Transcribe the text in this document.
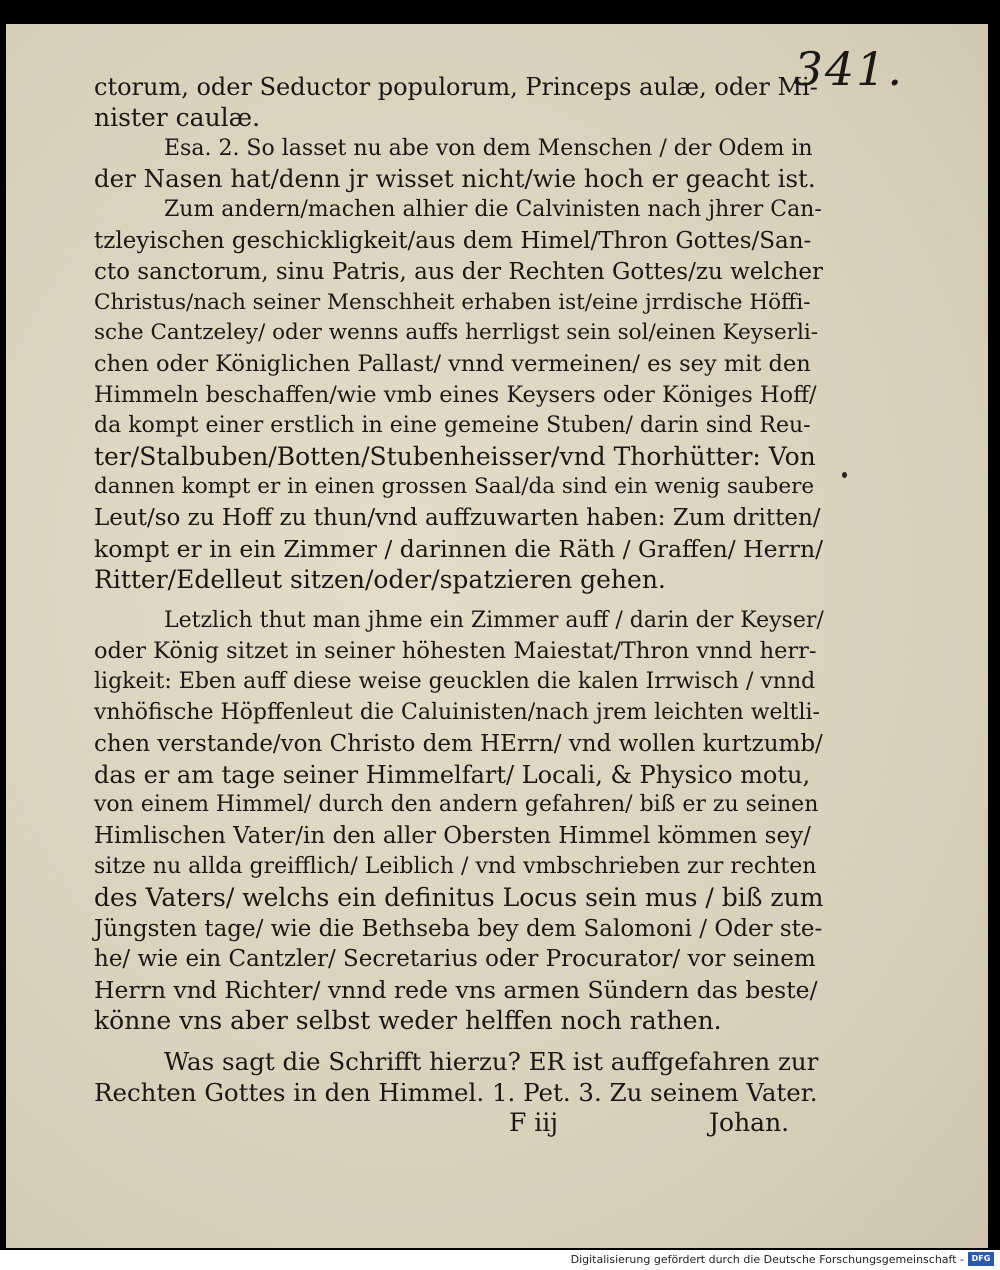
341.
ctorum, oder Seductor populorum, Princeps aulæ, oder Mi-
nister caulæ.
Esa. 2. So lasset nu abe von dem Menschen / der Odem in
der Nasen hat/denn jr wisset nicht/wie hoch er geacht ist.
Zum andern/machen alhier die Calvinisten nach jhrer Can-
tzleyischen geschickligkeit/aus dem Himel/Thron Gottes/San-
cto sanctorum, sinu Patris, aus der Rechten Gottes/zu welcher
Christus/nach seiner Menschheit erhaben ist/eine jrrdische Höffi-
sche Cantzeley/ oder wenns auffs herrligst sein sol/einen Keyserli-
chen oder Königlichen Pallast/ vnnd vermeinen/ es sey mit den
Himmeln beschaffen/wie vmb eines Keysers oder Königes Hoff/
da kompt einer erstlich in eine gemeine Stuben/ darin sind Reu-
ter/Stalbuben/Botten/Stubenheisser/vnd Thorhütter: Von
dannen kompt er in einen grossen Saal/da sind ein wenig saubere
Leut/so zu Hoff zu thun/vnd auffzuwarten haben: Zum dritten/
kompt er in ein Zimmer / darinnen die Räth / Graffen/ Herrn/
Ritter/Edelleut sitzen/oder/spatzieren gehen.
Letzlich thut man jhme ein Zimmer auff / darin der Keyser/
oder König sitzet in seiner höhesten Maiestat/Thron vnnd herr-
ligkeit: Eben auff diese weise geucklen die kalen Irrwisch / vnnd
vnhöfische Höpffenleut die Caluinisten/nach jrem leichten weltli-
chen verstande/von Christo dem HErrn/ vnd wollen kurtzumb/
das er am tage seiner Himmelfart/ Locali, & Physico motu,
von einem Himmel/ durch den andern gefahren/ biß er zu seinen
Himlischen Vater/in den aller Obersten Himmel kömmen sey/
sitze nu allda greifflich/ Leiblich / vnd vmbschrieben zur rechten
des Vaters/ welchs ein definitus Locus sein mus / biß zum
Jüngsten tage/ wie die Bethseba bey dem Salomoni / Oder ste-
he/ wie ein Cantzler/ Secretarius oder Procurator/ vor seinem
Herrn vnd Richter/ vnnd rede vns armen Sündern das beste/
könne vns aber selbst weder helffen noch rathen.
Was sagt die Schrifft hierzu? ER ist auffgefahren zur
Rechten Gottes in den Himmel. 1. Pet. 3. Zu seinem Vater.
F iij	Johan.
Digitalisierung gefördert durch die Deutsche Forschungsgemeinschaft - DFG
